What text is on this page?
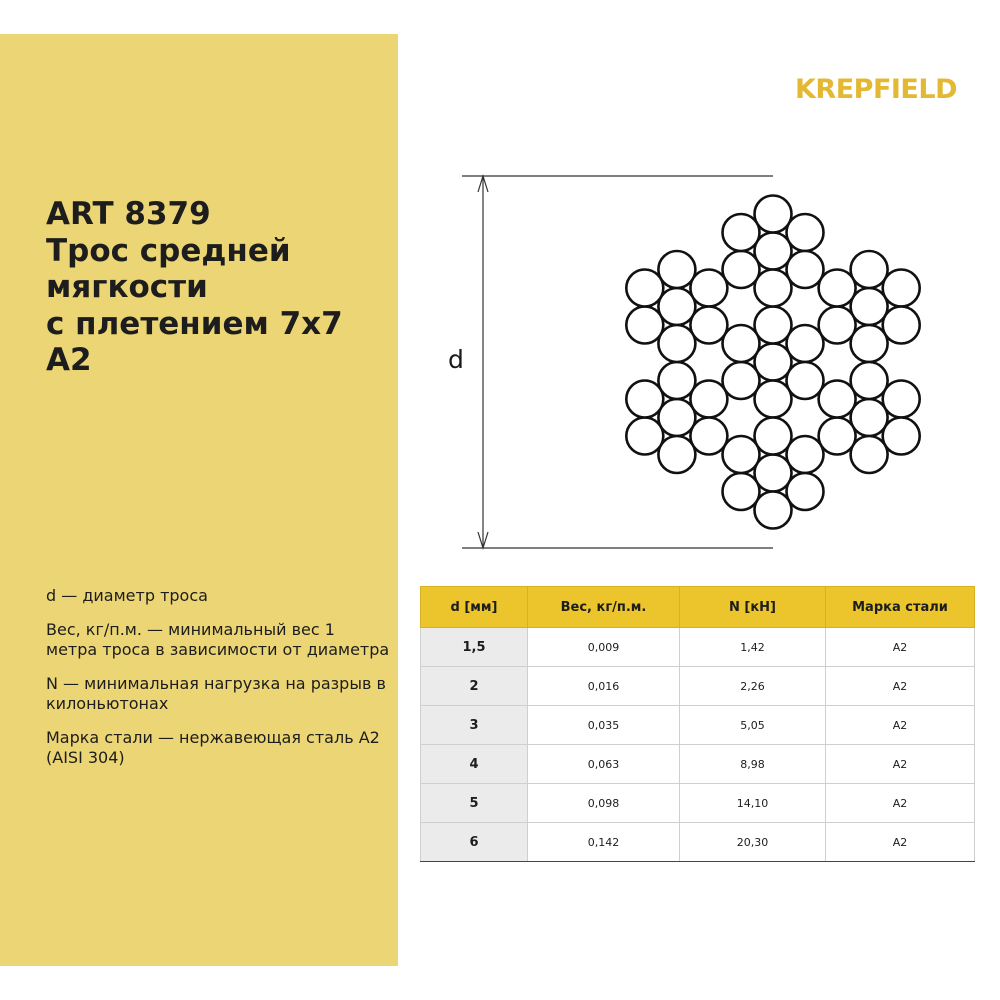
ART 8379
Трос средней
мягкости
с плетением 7х7
A2
d — диаметр троса
Вес, кг/п.м. — минимальный вес 1 метра троса в зависимости от диаметра
N — минимальная нагрузка на разрыв в килоньютонах
Марка стали — нержавеющая сталь A2 (AISI 304)
KREPFIELD
d
d [мм]	Вес, кг/п.м.	N [кН]	Марка стали
1,5	0,009	1,42	A2
2	0,016	2,26	A2
3	0,035	5,05	A2
4	0,063	8,98	A2
5	0,098	14,10	A2
6	0,142	20,30	A2
